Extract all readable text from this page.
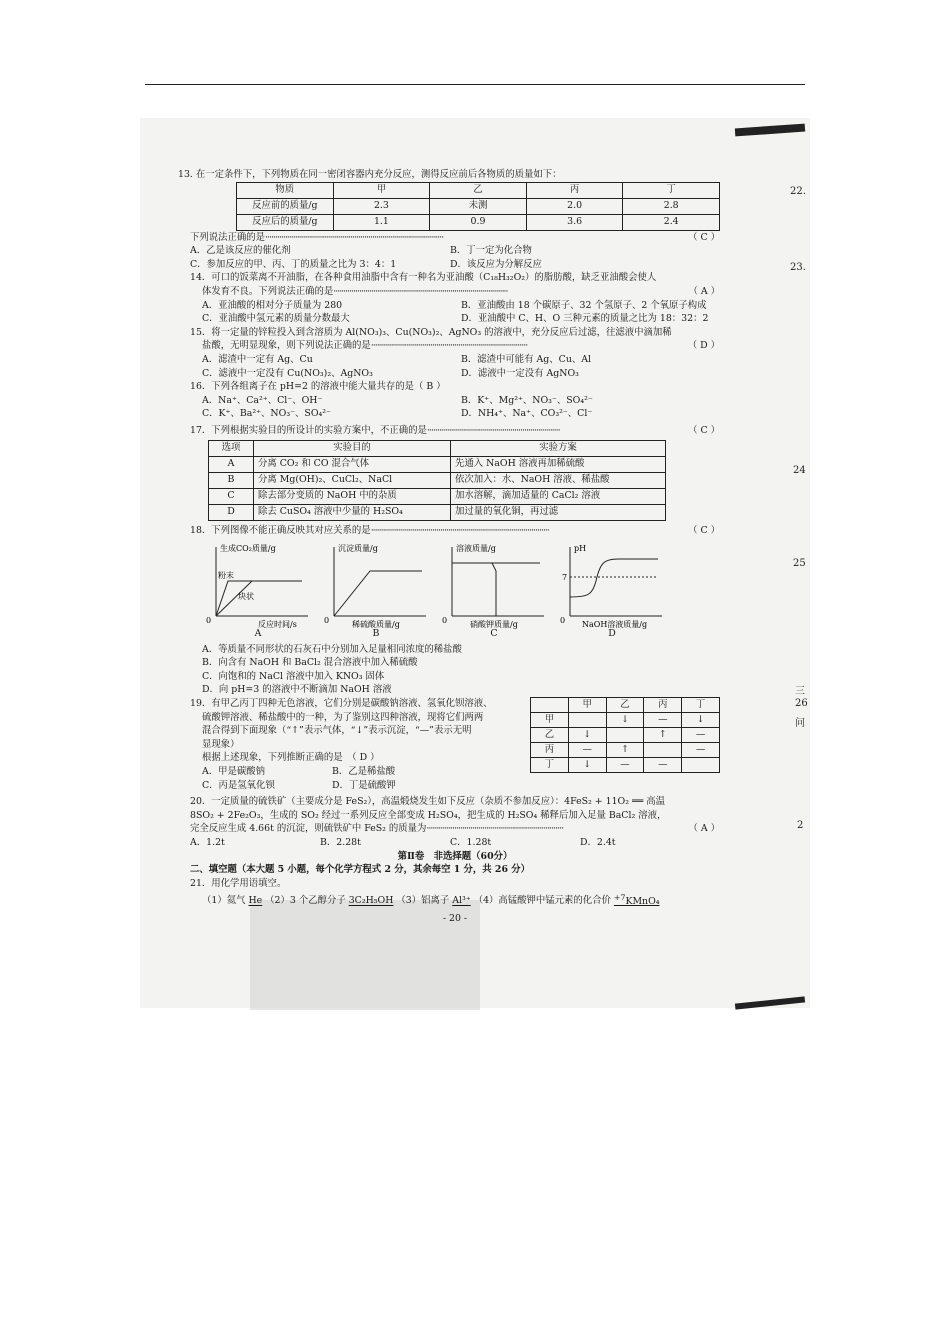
22.
23.
24
25
三
26
问
2
13. 在一定条件下，下列物质在同一密闭容器内充分反应，测得反应前后各物质的质量如下：
物质	甲	乙	丙	丁
反应前的质量/g	2.3	未测	2.0	2.8
反应后的质量/g	1.1	0.9	3.6	2.4
下列说法正确的是··························································································	（ C ）
A．乙是该反应的催化剂	B．丁一定为化合物
C．参加反应的甲、丙、丁的质量之比为 3：4：1	D．该反应为分解反应
14．可口的饭菜离不开油脂，在各种食用油脂中含有一种名为亚油酸（C₁₈H₃₂O₂）的脂肪酸，缺乏亚油酸会使人
体发育不良。下列说法正确的是························································································	（ A ）
A．亚油酸的相对分子质量为 280	B．亚油酸由 18 个碳原子、32 个氢原子、2 个氧原子构成
C．亚油酸中氢元素的质量分数最大	D．亚油酸中 C、H、O 三种元素的质量之比为 18：32：2
15．将一定量的锌粒投入到含溶质为 Al(NO₃)₃、Cu(NO₃)₂、AgNO₃ 的溶液中，充分反应后过滤，往滤液中滴加稀
盐酸，无明显现象，则下列说法正确的是···············································································	（ D ）
A．滤渣中一定有 Ag、Cu	B．滤渣中可能有 Ag、Cu、Al
C．滤液中一定没有 Cu(NO₃)₂、AgNO₃	D．滤液中一定没有 AgNO₃
16．下列各组离子在 pH=2 的溶液中能大量共存的是（ B ）
A．Na⁺、Ca²⁺、Cl⁻、OH⁻	B．K⁺、Mg²⁺、NO₃⁻、SO₄²⁻
C．K⁺、Ba²⁺、NO₃⁻、SO₄²⁻	D．NH₄⁺、Na⁺、CO₃²⁻、Cl⁻
17．下列根据实验目的所设计的实验方案中，不正确的是···································································	（ C ）
选项	实验目的	实验方案
A	分离 CO₂ 和 CO 混合气体	先通入 NaOH 溶液再加稀硫酸
B	分离 Mg(OH)₂、CuCl₂、NaCl	依次加入：水、NaOH 溶液、稀盐酸
C	除去部分变质的 NaOH 中的杂质	加水溶解，滴加适量的 CaCl₂ 溶液
D	除去 CuSO₄ 溶液中少量的 H₂SO₄	加过量的氧化铜，再过滤
18．下列图像不能正确反映其对应关系的是··························································································	（ C ）
生成CO₂质量/g
粉末
块状
0	反应时间/s
A
沉淀质量/g
0	稀硫酸质量/g
B
溶液质量/g
0	硝酸钾质量/g
C
pH
7
0 NaOH溶液质量/g
D
A．等质量不同形状的石灰石中分别加入足量相同浓度的稀盐酸
B．向含有 NaOH 和 BaCl₂ 混合溶液中加入稀硫酸
C．向饱和的 NaCl 溶液中加入 KNO₃ 固体
D．向 pH=3 的溶液中不断滴加 NaOH 溶液
19．有甲乙丙丁四种无色溶液，它们分别是碳酸钠溶液、氢氧化钡溶液、
硫酸钾溶液、稀盐酸中的一种，为了鉴别这四种溶液，现将它们两两
混合得到下面现象（“↑”表示气体，“↓”表示沉淀，“—”表示无明
显现象）
根据上述现象，下列推断正确的是　（ D ）
A．甲是碳酸钠	B．乙是稀盐酸
C．丙是氢氧化钡	D．丁是硫酸钾
	甲	乙	丙	丁
甲		↓	—	↓
乙	↓		↑	—
丙	—	↑		—
丁	↓	—	—	
20．一定质量的硫铁矿（主要成分是 FeS₂），高温煅烧发生如下反应（杂质不参加反应）：4FeS₂ + 11O₂ ══ 高温
8SO₂ + 2Fe₂O₃，生成的 SO₂ 经过一系列反应全部变成 H₂SO₄，把生成的 H₂SO₄ 稀释后加入足量 BaCl₂ 溶液，
完全反应生成 4.66t 的沉淀，则硫铁矿中 FeS₂ 的质量为·····································································	（ A ）
A．1.2t	B．2.28t	C．1.28t	D．2.4t
第Ⅱ卷　非选择题（60分）
二、填空题（本大题 5 小题，每个化学方程式 2 分，其余每空 1 分，共 26 分）
21．用化学用语填空。
（1）氦气 He （2）3 个乙醇分子 3C₂H₅OH （3）铝离子 Al³⁺ （4）高锰酸钾中锰元素的化合价 $^{+7}$KMnO₄
- 20 -
